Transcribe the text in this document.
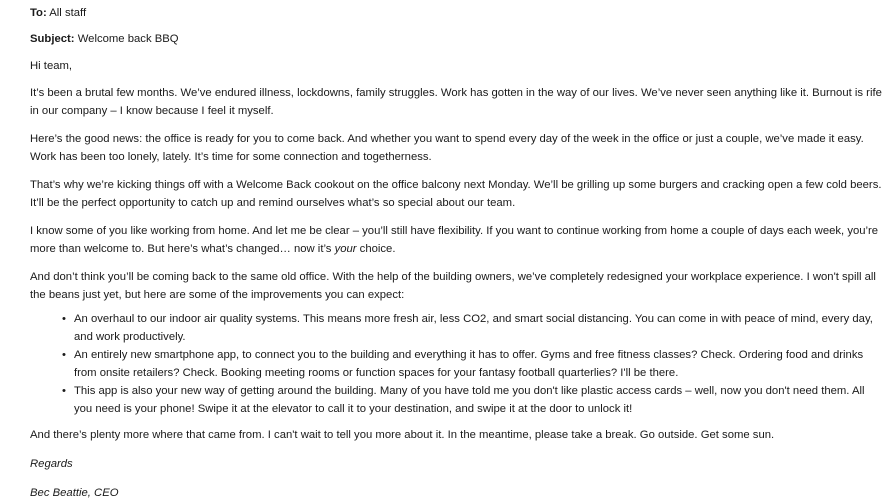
To: All staff
Subject: Welcome back BBQ
Hi team,

It’s been a brutal few months. We’ve endured illness, lockdowns, family struggles. Work has gotten in the way of our lives. We’ve never seen anything like it. Burnout is rife in our company – I know because I feel it myself.

Here’s the good news: the office is ready for you to come back. And whether you want to spend every day of the week in the office or just a couple, we’ve made it easy. Work has been too lonely, lately. It’s time for some connection and togetherness.

That’s why we’re kicking things off with a Welcome Back cookout on the office balcony next Monday. We’ll be grilling up some burgers and cracking open a few cold beers. It’ll be the perfect opportunity to catch up and remind ourselves what’s so special about our team.

I know some of you like working from home. And let me be clear – you’ll still have flexibility. If you want to continue working from home a couple of days each week, you’re more than welcome to. But here’s what’s changed… now it’s your choice.

And don’t think you’ll be coming back to the same old office. With the help of the building owners, we’ve completely redesigned your workplace experience. I won't spill all the beans just yet, but here are some of the improvements you can expect:

• An overhaul to our indoor air quality systems. This means more fresh air, less CO2, and smart social distancing. You can come in with peace of mind, every day, and work productively.
• An entirely new smartphone app, to connect you to the building and everything it has to offer. Gyms and free fitness classes? Check. Ordering food and drinks from onsite retailers? Check. Booking meeting rooms or function spaces for your fantasy football quarterlies? I'll be there.
• This app is also your new way of getting around the building. Many of you have told me you don't like plastic access cards – well, now you don't need them. All you need is your phone! Swipe it at the elevator to call it to your destination, and swipe it at the door to unlock it!

And there’s plenty more where that came from. I can't wait to tell you more about it. In the meantime, please take a break. Go outside. Get some sun.

Regards
Bec Beattie, CEO
